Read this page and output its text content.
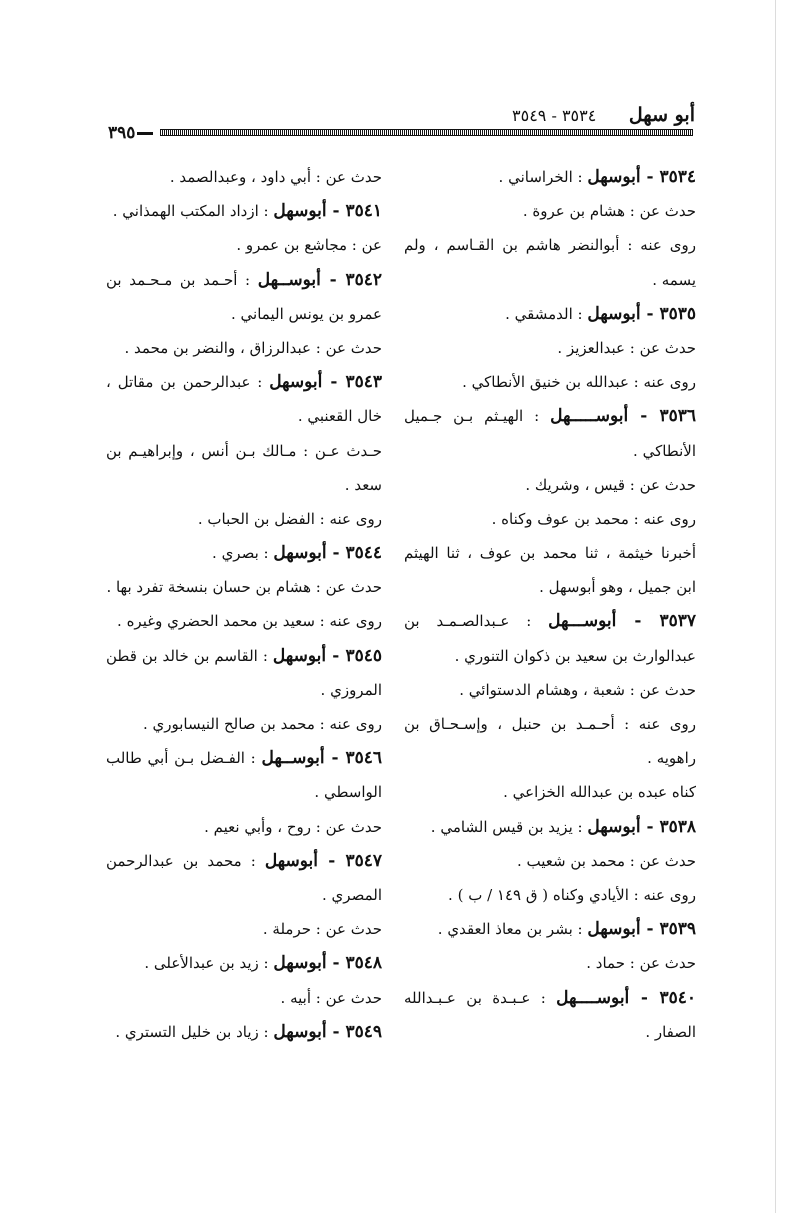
أبو سهل
٣٥٣٤ - ٣٥٤٩
٣٩٥
٣٥٣٤ - أبوسهل : الخراساني .
حدث عن : هشام بن عروة .
روى عنه : أبوالنضر هاشم بن القـاسم ، ولم
يسمه .
٣٥٣٥ - أبوسهل : الدمشقي .
حدث عن : عبدالعزيز .
روى عنه : عبدالله بن خنيق الأنطاكي .
٣٥٣٦ - أبوســـــهل : الهيـثم بـن جـميل
الأنطاكي .
حدث عن : قيس ، وشريك .
روى عنه : محمد بن عوف وكناه .
أخبرنا خيثمة ، ثنا محمد بن عوف ، ثنا الهيثم
ابن جميل ، وهو أبوسهل .
٣٥٣٧ - أبوســـهل : عـبدالصـمـد بن
عبدالوارث بن سعيد بن ذكوان التنوري .
حدث عن : شعبة ، وهشام الدستوائي .
روى عنه : أحـمـد بن حنبل ، وإسـحـاق بن
راهويه .
كناه عبده بن عبدالله الخزاعي .
٣٥٣٨ - أبوسهل : يزيد بن قيس الشامي .
حدث عن : محمد بن شعيب .
روى عنه : الأيادي وكناه ( ق ١٤٩ / ب ) .
٣٥٣٩ - أبوسهل : بشر بن معاذ العقدي .
حدث عن : حماد .
٣٥٤٠ - أبوســــهل : عـبـدة بن عـبـدالله
الصفار .
حدث عن : أبي داود ، وعبدالصمد .
٣٥٤١ - أبوسهل : ازداد المكتب الهمذاني .
عن : مجاشع بن عمرو .
٣٥٤٢ - أبوســهل : أحـمد بن مـحـمد بن
عمرو بن يونس اليماني .
حدث عن : عبدالرزاق ، والنضر بن محمد .
٣٥٤٣ - أبوسهل : عبدالرحمن بن مقاتل ،
خال القعنبي .
حـدث عـن : مـالك بـن أنس ، وإبراهيـم بن
سعد .
روى عنه : الفضل بن الحباب .
٣٥٤٤ - أبوسهل : بصري .
حدث عن : هشام بن حسان بنسخة تفرد بها .
روى عنه : سعيد بن محمد الحضري وغيره .
٣٥٤٥ - أبوسهل : القاسم بن خالد بن قطن
المروزي .
روى عنه : محمد بن صالح النيسابوري .
٣٥٤٦ - أبوســهل : الفـضل بـن أبي طالب
الواسطي .
حدث عن : روح ، وأبي نعيم .
٣٥٤٧ - أبوسهل : محمد بن عبدالرحمن
المصري .
حدث عن : حرملة .
٣٥٤٨ - أبوسهل : زيد بن عبدالأعلى .
حدث عن : أبيه .
٣٥٤٩ - أبوسهل : زياد بن خليل التستري .
